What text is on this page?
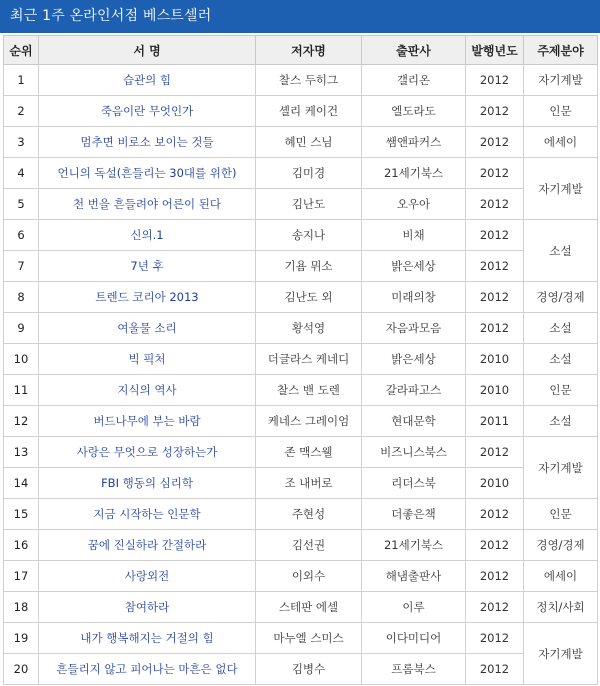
최근 1주 온라인서점 베스트셀러
순위	서 명	저자명	출판사	발행년도	주제분야
1	습관의 힘	찰스 두히그	갤리온	2012	자기계발
2	죽음이란 무엇인가	셸리 케이건	엘도라도	2012	인문
3	멈추면 비로소 보이는 것들	혜민 스님	쌤앤파커스	2012	에세이
4	언니의 독설(흔들리는 30대를 위한)	김미경	21세기북스	2012	자기계발
5	천 번을 흔들려야 어른이 된다	김난도	오우아	2012	
6	신의.1	송지나	비채	2012	소설
7	7년 후	기욤 뮈소	밝은세상	2012	
8	트렌드 코리아 2013	김난도 외	미래의창	2012	경영/경제
9	여울물 소리	황석영	자음과모음	2012	소설
10	빅 픽처	더글라스 케네디	밝은세상	2010	소설
11	지식의 역사	찰스 밴 도렌	갈라파고스	2010	인문
12	버드나무에 부는 바람	케네스 그레이엄	현대문학	2011	소설
13	사랑은 무엇으로 성장하는가	존 맥스웰	비즈니스북스	2012	자기계발
14	FBI 행동의 심리학	조 내버로	리더스북	2010	
15	지금 시작하는 인문학	주현성	더좋은책	2012	인문
16	꿈에 진실하라 간절하라	김선권	21세기북스	2012	경영/경제
17	사랑외전	이외수	해냄출판사	2012	에세이
18	참여하라	스테판 에셀	이루	2012	정치/사회
19	내가 행복해지는 거절의 힘	마누엘 스미스	이다미디어	2012	자기계발
20	흔들리지 않고 피어나는 마흔은 없다	김병수	프롬북스	2012	
